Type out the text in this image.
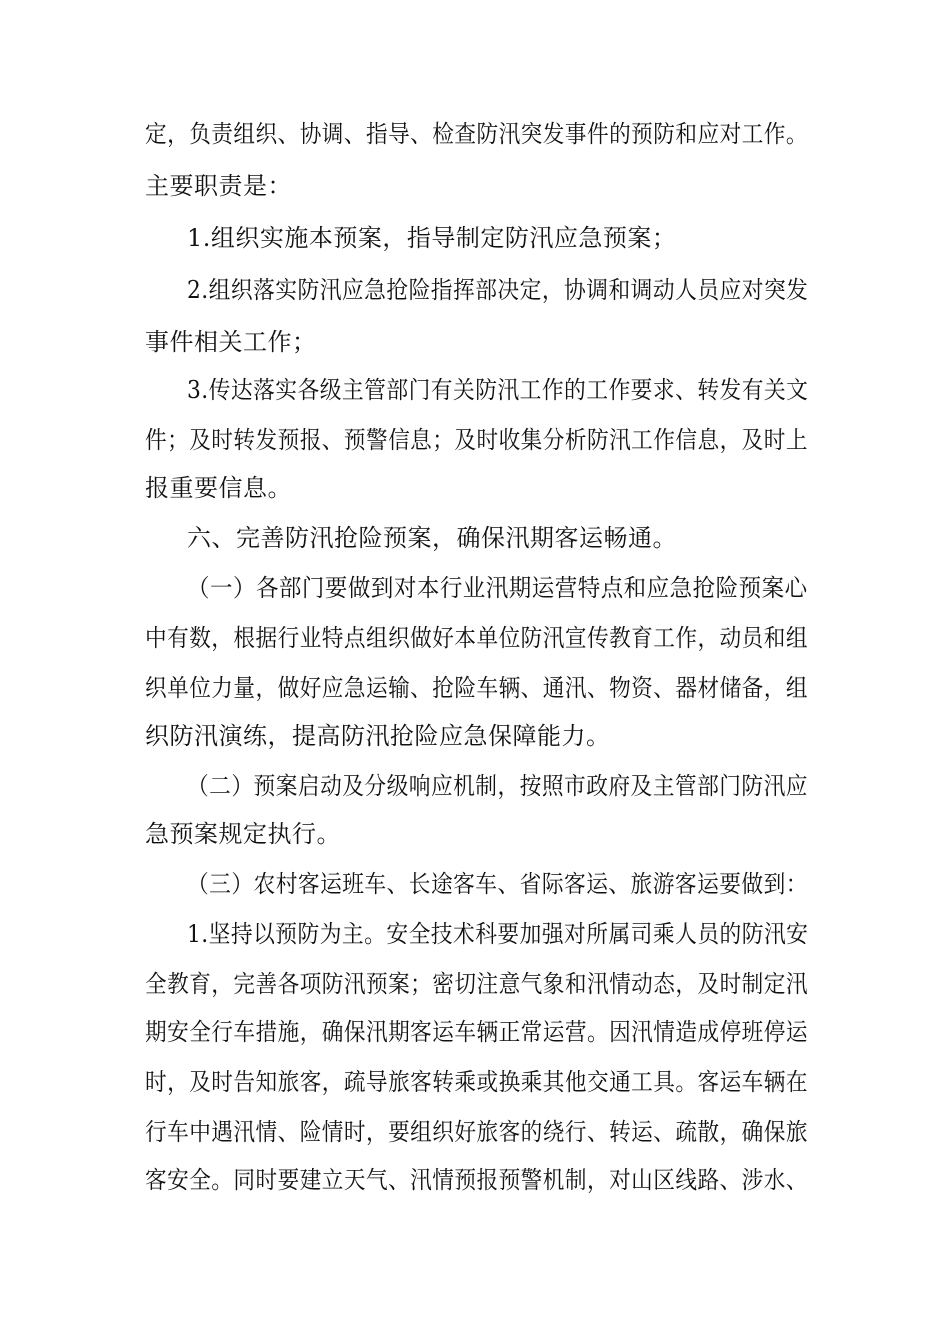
定，负责组织、协调、指导、检查防汛突发事件的预防和应对工作。
主要职责是：
1.组织实施本预案，指导制定防汛应急预案；
2.组织落实防汛应急抢险指挥部决定，协调和调动人员应对突发
事件相关工作；
3.传达落实各级主管部门有关防汛工作的工作要求、转发有关文
件；及时转发预报、预警信息；及时收集分析防汛工作信息，及时上
报重要信息。
六、完善防汛抢险预案，确保汛期客运畅通。
（一）各部门要做到对本行业汛期运营特点和应急抢险预案心
中有数，根据行业特点组织做好本单位防汛宣传教育工作，动员和组
织单位力量，做好应急运输、抢险车辆、通汛、物资、器材储备，组
织防汛演练，提高防汛抢险应急保障能力。
（二）预案启动及分级响应机制，按照市政府及主管部门防汛应
急预案规定执行。
（三）农村客运班车、长途客车、省际客运、旅游客运要做到：
1.坚持以预防为主。安全技术科要加强对所属司乘人员的防汛安
全教育，完善各项防汛预案；密切注意气象和汛情动态，及时制定汛
期安全行车措施，确保汛期客运车辆正常运营。因汛情造成停班停运
时，及时告知旅客，疏导旅客转乘或换乘其他交通工具。客运车辆在
行车中遇汛情、险情时，要组织好旅客的绕行、转运、疏散，确保旅
客安全。同时要建立天气、汛情预报预警机制，对山区线路、涉水、
